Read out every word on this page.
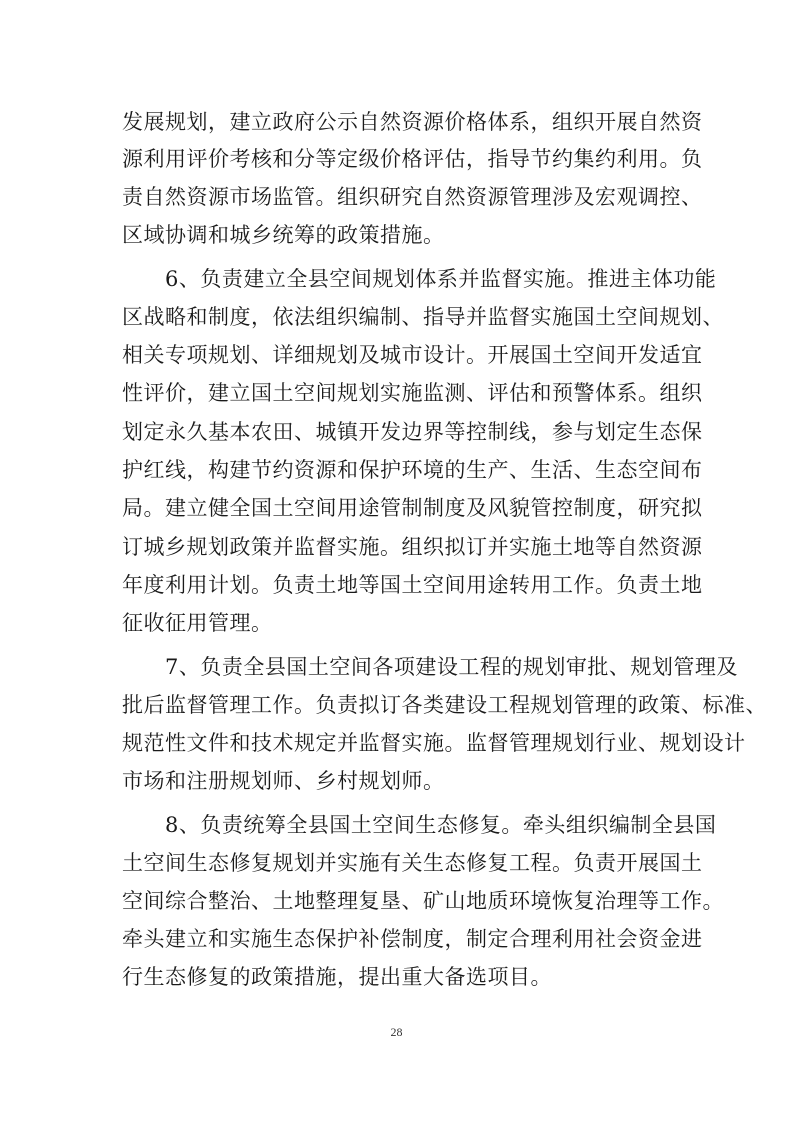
发展规划，建立政府公示自然资源价格体系，组织开展自然资

源利用评价考核和分等定级价格评估，指导节约集约利用。负

责自然资源市场监管。组织研究自然资源管理涉及宏观调控、

区域协调和城乡统筹的政策措施。

　　6、负责建立全县空间规划体系并监督实施。推进主体功能

区战略和制度，依法组织编制、指导并监督实施国土空间规划、

相关专项规划、详细规划及城市设计。开展国土空间开发适宜

性评价，建立国土空间规划实施监测、评估和预警体系。组织

划定永久基本农田、城镇开发边界等控制线，参与划定生态保

护红线，构建节约资源和保护环境的生产、生活、生态空间布

局。建立健全国土空间用途管制制度及风貌管控制度，研究拟

订城乡规划政策并监督实施。组织拟订并实施土地等自然资源

年度利用计划。负责土地等国土空间用途转用工作。负责土地

征收征用管理。

　　7、负责全县国土空间各项建设工程的规划审批、规划管理及

批后监督管理工作。负责拟订各类建设工程规划管理的政策、标准、

规范性文件和技术规定并监督实施。监督管理规划行业、规划设计

市场和注册规划师、乡村规划师。

　　8、负责统筹全县国土空间生态修复。牵头组织编制全县国

土空间生态修复规划并实施有关生态修复工程。负责开展国土

空间综合整治、土地整理复垦、矿山地质环境恢复治理等工作。

牵头建立和实施生态保护补偿制度，制定合理利用社会资金进

行生态修复的政策措施，提出重大备选项目。

28
